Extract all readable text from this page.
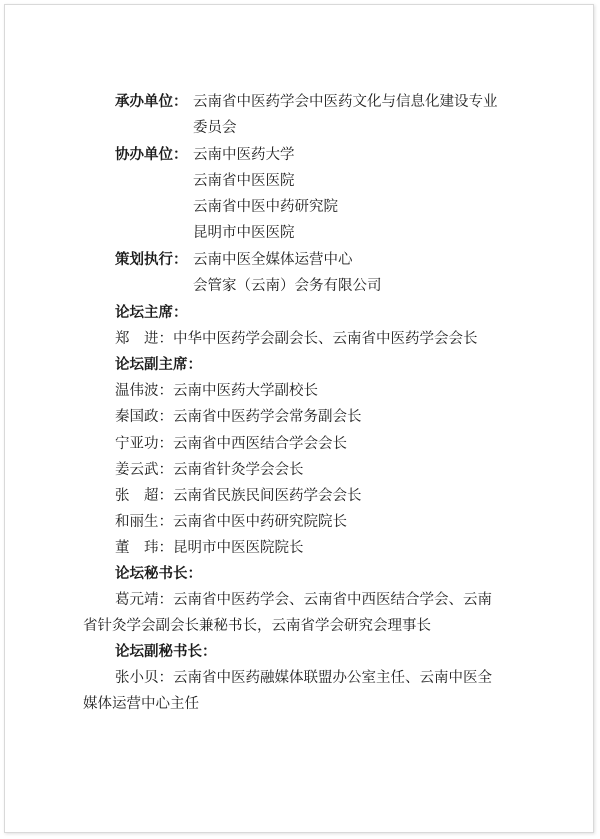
承办单位： 云南省中医药学会中医药文化与信息化建设专业
委员会
协办单位： 云南中医药大学
云南省中医医院
云南省中医中药研究院
昆明市中医医院
策划执行： 云南中医全媒体运营中心
会管家（云南）会务有限公司
论坛主席：
郑　进：中华中医药学会副会长、云南省中医药学会会长
论坛副主席：
温伟波：云南中医药大学副校长
秦国政：云南省中医药学会常务副会长
宁亚功：云南省中西医结合学会会长
姜云武：云南省针灸学会会长
张　超：云南省民族民间医药学会会长
和丽生：云南省中医中药研究院院长
董　玮：昆明市中医医院院长
论坛秘书长：
葛元靖：云南省中医药学会、云南省中西医结合学会、云南
省针灸学会副会长兼秘书长，云南省学会研究会理事长
论坛副秘书长：
张小贝：云南省中医药融媒体联盟办公室主任、云南中医全
媒体运营中心主任
